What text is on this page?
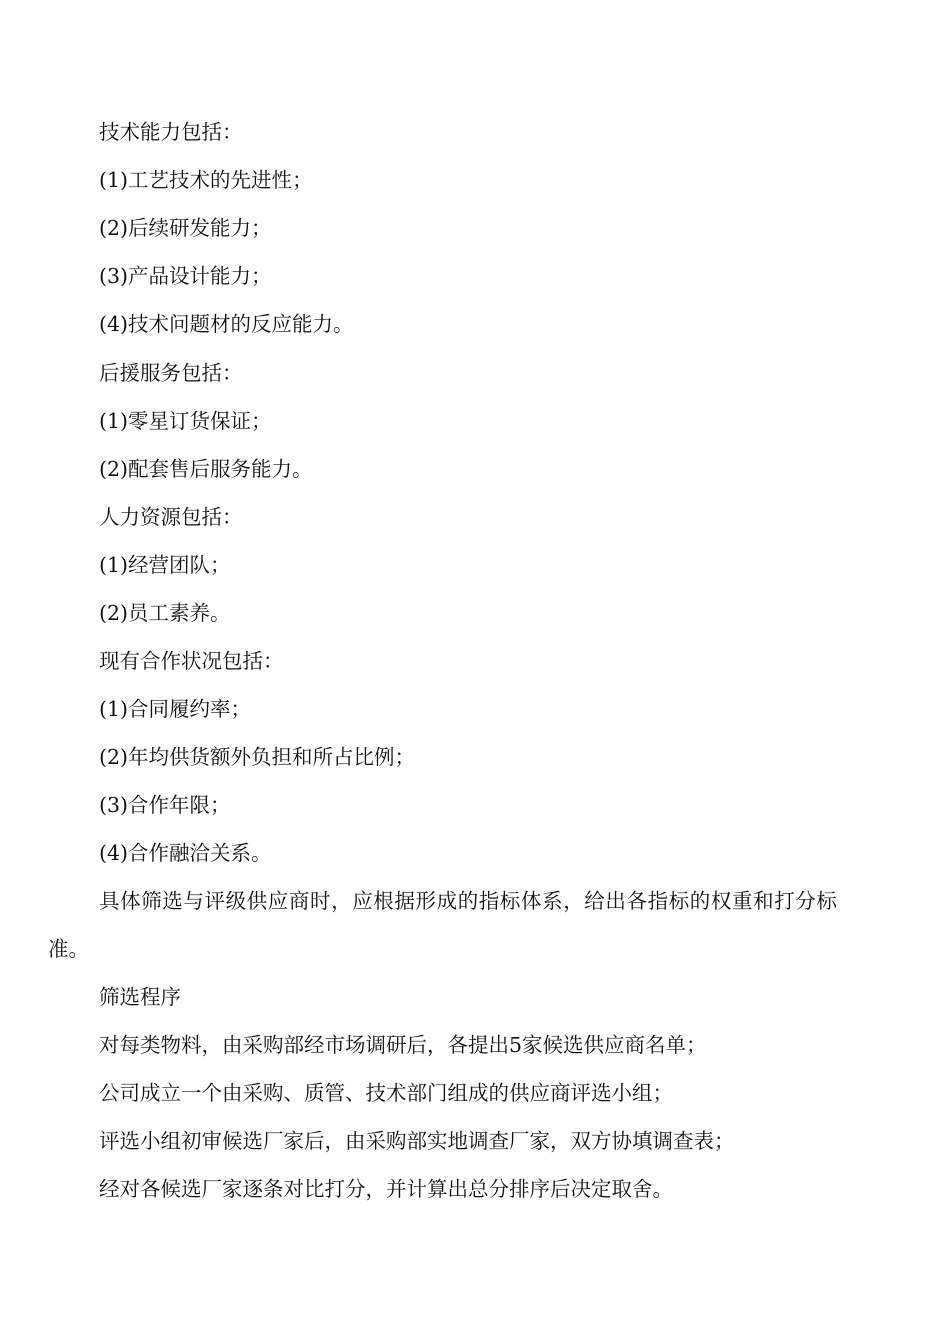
技术能力包括：

(1)工艺技术的先进性；

(2)后续研发能力；

(3)产品设计能力；

(4)技术问题材的反应能力。

后援服务包括：

(1)零星订货保证；

(2)配套售后服务能力。

人力资源包括：

(1)经营团队；

(2)员工素养。

现有合作状况包括：

(1)合同履约率；

(2)年均供货额外负担和所占比例；

(3)合作年限；

(4)合作融洽关系。

具体筛选与评级供应商时，应根据形成的指标体系，给出各指标的权重和打分标

准。

筛选程序

对每类物料，由采购部经市场调研后，各提出5家候选供应商名单；

公司成立一个由采购、质管、技术部门组成的供应商评选小组；

评选小组初审候选厂家后，由采购部实地调查厂家，双方协填调查表；

经对各候选厂家逐条对比打分，并计算出总分排序后决定取舍。
